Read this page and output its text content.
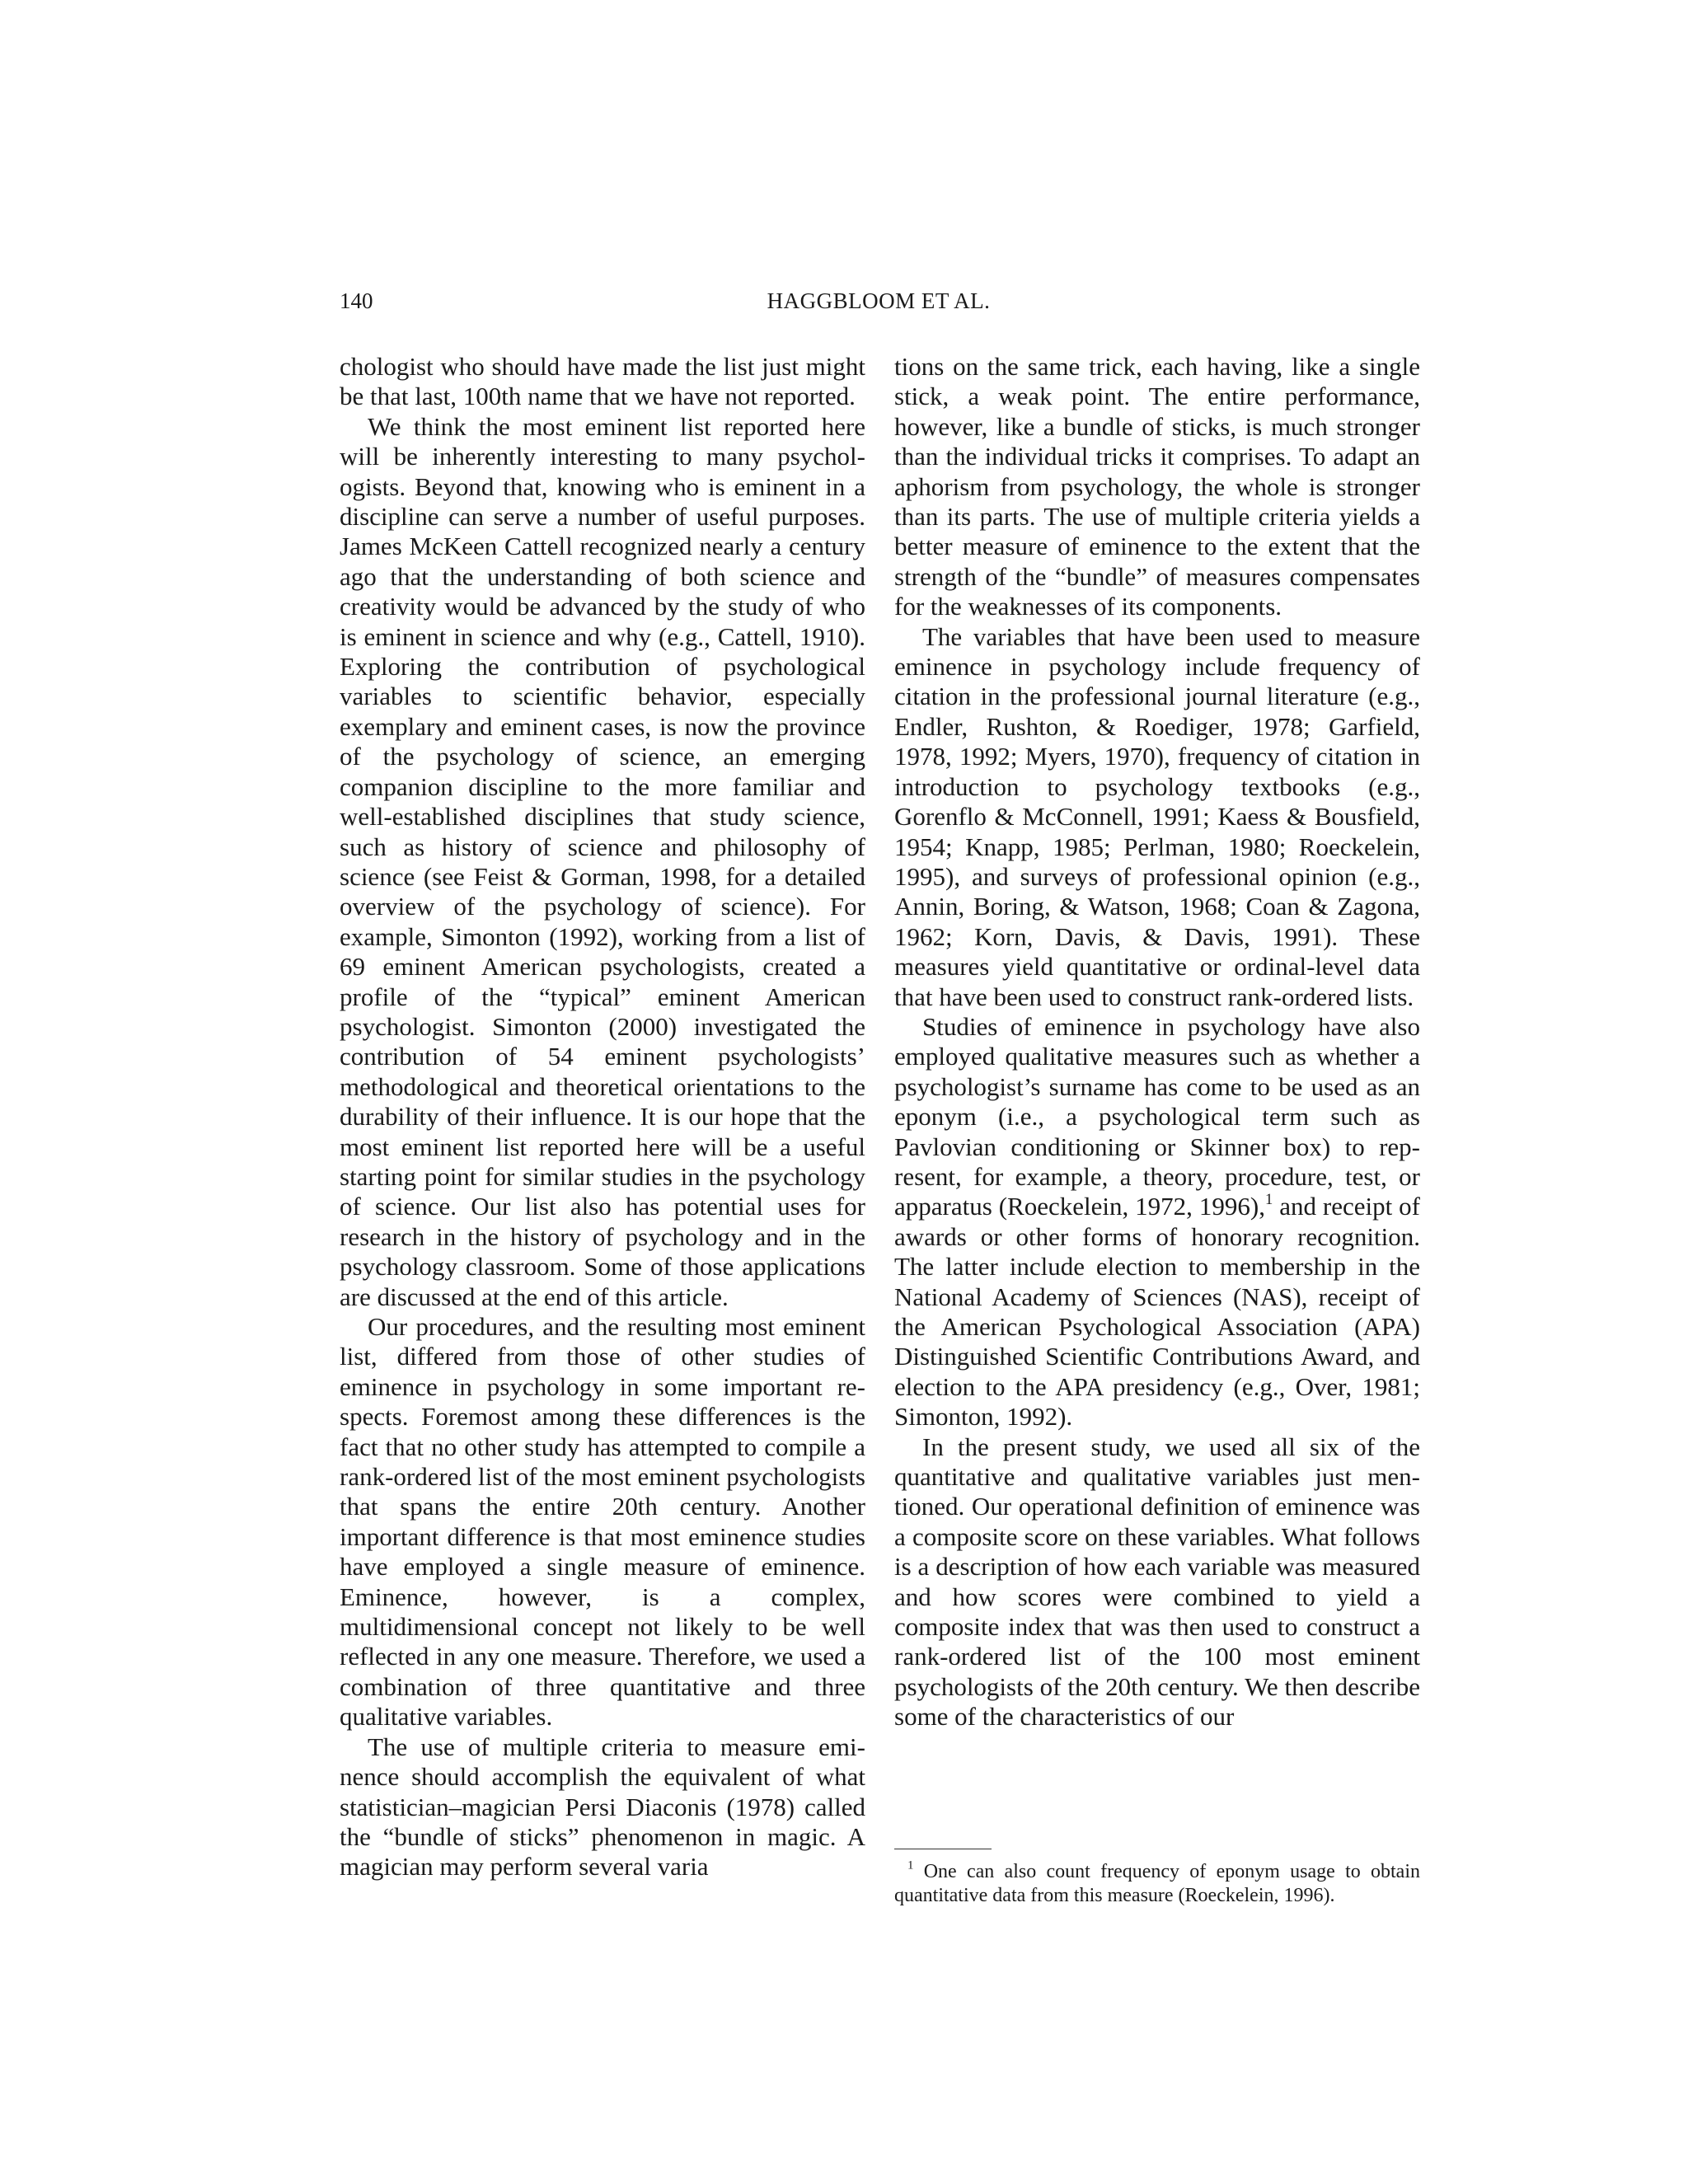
140	HAGGBLOOM ET AL.

chologist who should have made the list just might be that last, 100th name that we have not reported.

We think the most eminent list reported here will be inherently interesting to many psychologists. Beyond that, knowing who is eminent in a discipline can serve a number of useful purposes. James McKeen Cattell recognized nearly a century ago that the understanding of both science and creativity would be advanced by the study of who is eminent in science and why (e.g., Cattell, 1910). Exploring the contribution of psychological variables to scientific behavior, especially exemplary and eminent cases, is now the province of the psychology of science, an emerging companion discipline to the more familiar and well-established disciplines that study science, such as history of science and philosophy of science (see Feist & Gorman, 1998, for a detailed overview of the psychology of science). For example, Simonton (1992), working from a list of 69 eminent American psychologists, created a profile of the “typical” eminent American psychologist. Simonton (2000) investigated the contribution of 54 eminent psychologists’ methodological and theoretical orientations to the durability of their influence. It is our hope that the most eminent list reported here will be a useful starting point for similar studies in the psychology of science. Our list also has potential uses for research in the history of psychology and in the psychology classroom. Some of those applications are discussed at the end of this article.

Our procedures, and the resulting most eminent list, differed from those of other studies of eminence in psychology in some important respects. Foremost among these differences is the fact that no other study has attempted to compile a rank-ordered list of the most eminent psychologists that spans the entire 20th century. Another important difference is that most eminence studies have employed a single measure of eminence. Eminence, however, is a complex, multidimensional concept not likely to be well reflected in any one measure. Therefore, we used a combination of three quantitative and three qualitative variables.

The use of multiple criteria to measure eminence should accomplish the equivalent of what statistician–magician Persi Diaconis (1978) called the “bundle of sticks” phenomenon in magic. A magician may perform several varia

tions on the same trick, each having, like a single stick, a weak point. The entire performance, however, like a bundle of sticks, is much stronger than the individual tricks it comprises. To adapt an aphorism from psychology, the whole is stronger than its parts. The use of multiple criteria yields a better measure of eminence to the extent that the strength of the “bundle” of measures compensates for the weaknesses of its components.

The variables that have been used to measure eminence in psychology include frequency of citation in the professional journal literature (e.g., Endler, Rushton, & Roediger, 1978; Garfield, 1978, 1992; Myers, 1970), frequency of citation in introduction to psychology textbooks (e.g., Gorenflo & McConnell, 1991; Kaess & Bousfield, 1954; Knapp, 1985; Perlman, 1980; Roeckelein, 1995), and surveys of professional opinion (e.g., Annin, Boring, & Watson, 1968; Coan & Zagona, 1962; Korn, Davis, & Davis, 1991). These measures yield quantitative or ordinal-level data that have been used to construct rank-ordered lists.

Studies of eminence in psychology have also employed qualitative measures such as whether a psychologist’s surname has come to be used as an eponym (i.e., a psychological term such as Pavlovian conditioning or Skinner box) to represent, for example, a theory, procedure, test, or apparatus (Roeckelein, 1972, 1996),$^1$ and receipt of awards or other forms of honorary recognition. The latter include election to membership in the National Academy of Sciences (NAS), receipt of the American Psychological Association (APA) Distinguished Scientific Contributions Award, and election to the APA presidency (e.g., Over, 1981; Simonton, 1992).

In the present study, we used all six of the quantitative and qualitative variables just mentioned. Our operational definition of eminence was a composite score on these variables. What follows is a description of how each variable was measured and how scores were combined to yield a composite index that was then used to construct a rank-ordered list of the 100 most eminent psychologists of the 20th century. We then describe some of the characteristics of our

$^1$ One can also count frequency of eponym usage to obtain quantitative data from this measure (Roeckelein, 1996).
